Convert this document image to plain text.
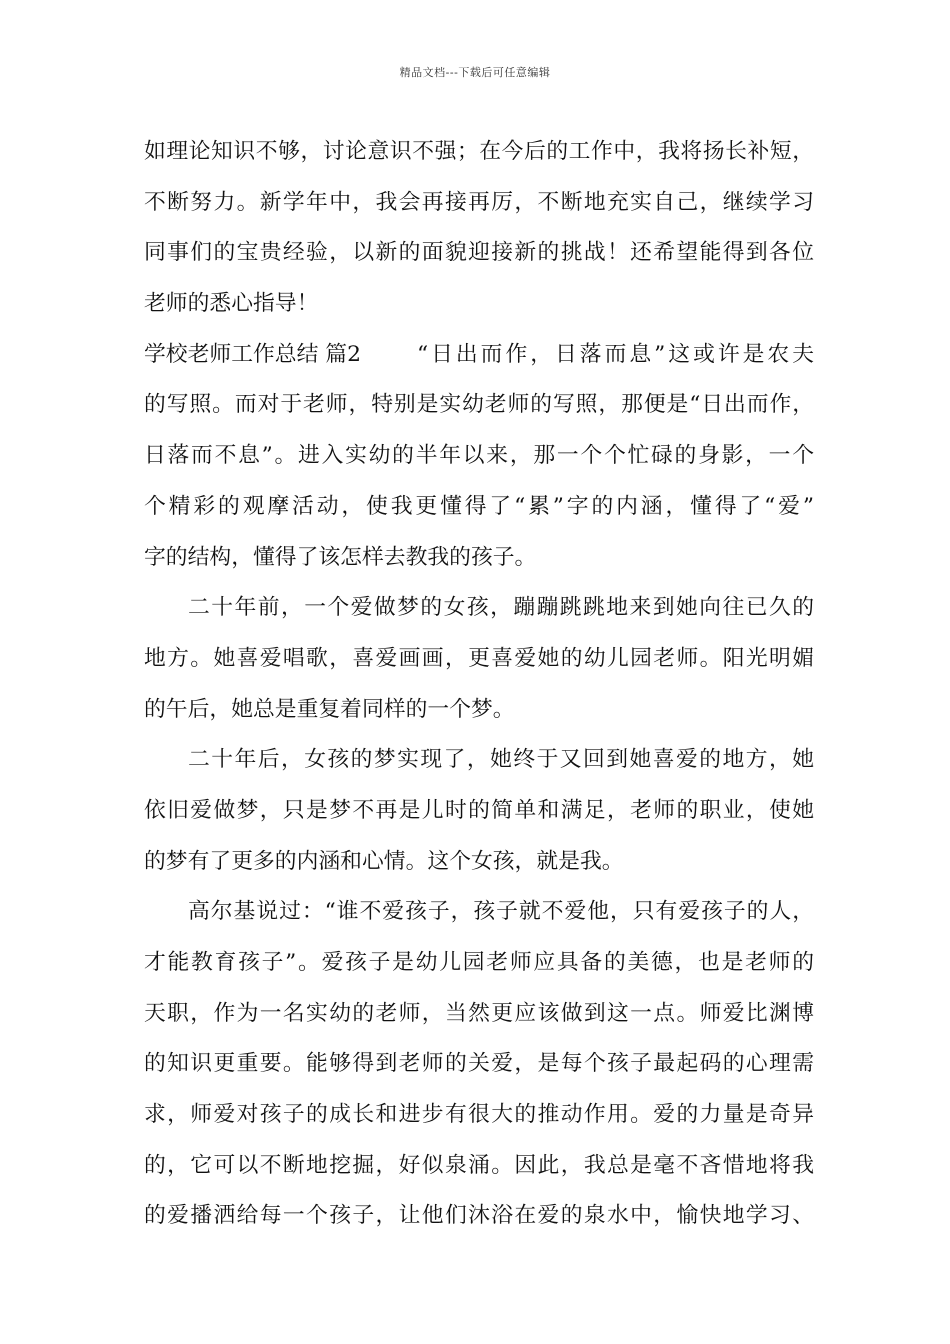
精品文档---下载后可任意编辑
如理论知识不够，讨论意识不强；在今后的工作中，我将扬长补短，
不断努力。新学年中，我会再接再厉，不断地充实自己，继续学习
同事们的宝贵经验，以新的面貌迎接新的挑战！还希望能得到各位
老师的悉心指导！
学校老师工作总结 篇2	“日出而作，日落而息”这或许是农夫
的写照。而对于老师，特别是实幼老师的写照，那便是“日出而作，
日落而不息”。进入实幼的半年以来，那一个个忙碌的身影，一个
个精彩的观摩活动，使我更懂得了“累”字的内涵，懂得了“爱”
字的结构，懂得了该怎样去教我的孩子。
二十年前，一个爱做梦的女孩，蹦蹦跳跳地来到她向往已久的
地方。她喜爱唱歌，喜爱画画，更喜爱她的幼儿园老师。阳光明媚
的午后，她总是重复着同样的一个梦。
二十年后，女孩的梦实现了，她终于又回到她喜爱的地方，她
依旧爱做梦，只是梦不再是儿时的简单和满足，老师的职业，使她
的梦有了更多的内涵和心情。这个女孩，就是我。
高尔基说过：“谁不爱孩子，孩子就不爱他，只有爱孩子的人，
才能教育孩子”。爱孩子是幼儿园老师应具备的美德，也是老师的
天职，作为一名实幼的老师，当然更应该做到这一点。师爱比渊博
的知识更重要。能够得到老师的关爱，是每个孩子最起码的心理需
求，师爱对孩子的成长和进步有很大的推动作用。爱的力量是奇异
的，它可以不断地挖掘，好似泉涌。因此，我总是毫不吝惜地将我
的爱播洒给每一个孩子，让他们沐浴在爱的泉水中，愉快地学习、
